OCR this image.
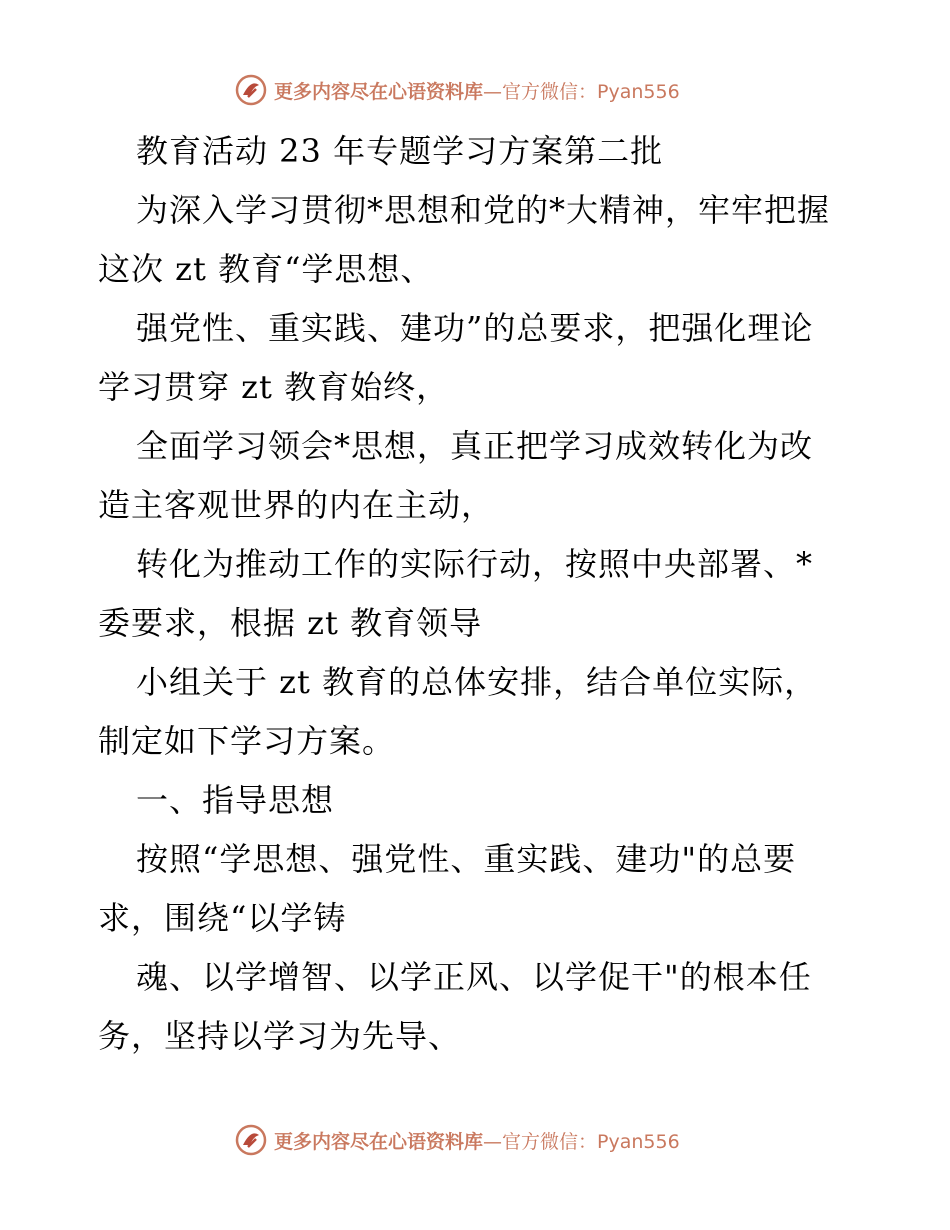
更多内容尽在心语资料库 —官方微信：Pyan556
教育活动 23 年专题学习方案第二批
为深入学习贯彻*思想和党的*大精神，牢牢把握
这次 zt 教育“学思想、
强党性、重实践、建功”的总要求，把强化理论
学习贯穿 zt 教育始终，
全面学习领会*思想，真正把学习成效转化为改
造主客观世界的内在主动，
转化为推动工作的实际行动，按照中央部署、*
委要求，根据 zt 教育领导
小组关于 zt 教育的总体安排，结合单位实际，
制定如下学习方案。
一、指导思想
按照“学思想、强党性、重实践、建功"的总要
求，围绕“以学铸
魂、以学增智、以学正风、以学促干"的根本任
务，坚持以学习为先导、
更多内容尽在心语资料库 —官方微信：Pyan556
